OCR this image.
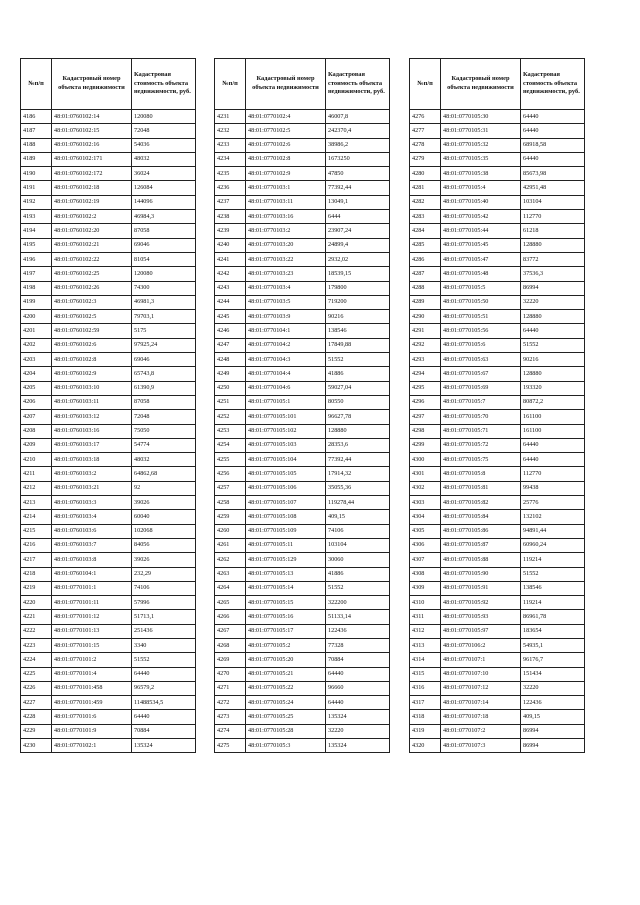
№п/п	Кадастровый номер объекта недвижимости	Кадастровая стоимость объекта недвижимости, руб.
4186	48:01:0760102:14	120080
4187	48:01:0760102:15	72048
4188	48:01:0760102:16	54036
4189	48:01:0760102:171	48032
4190	48:01:0760102:172	36024
4191	48:01:0760102:18	126084
4192	48:01:0760102:19	144096
4193	48:01:0760102:2	46984,3
4194	48:01:0760102:20	87058
4195	48:01:0760102:21	69046
4196	48:01:0760102:22	81054
4197	48:01:0760102:25	120080
4198	48:01:0760102:26	74300
4199	48:01:0760102:3	46981,3
4200	48:01:0760102:5	79703,1
4201	48:01:0760102:59	5175
4202	48:01:0760102:6	97925,24
4203	48:01:0760102:8	69046
4204	48:01:0760102:9	65743,8
4205	48:01:0760103:10	61390,9
4206	48:01:0760103:11	87058
4207	48:01:0760103:12	72048
4208	48:01:0760103:16	75050
4209	48:01:0760103:17	54774
4210	48:01:0760103:18	48032
4211	48:01:0760103:2	64862,68
4212	48:01:0760103:21	92
4213	48:01:0760103:3	39026
4214	48:01:0760103:4	60040
4215	48:01:0760103:6	102068
4216	48:01:0760103:7	84056
4217	48:01:0760103:8	39026
4218	48:01:0760104:1	232,29
4219	48:01:0770101:1	74106
4220	48:01:0770101:11	57996
4221	48:01:0770101:12	51713,1
4222	48:01:0770101:13	251436
4223	48:01:0770101:15	3340
4224	48:01:0770101:2	51552
4225	48:01:0770101:4	64440
4226	48:01:0770101:458	96579,2
4227	48:01:0770101:459	11488534,5
4228	48:01:0770101:6	64440
4229	48:01:0770101:9	70884
4230	48:01:0770102:1	135324
№п/п	Кадастровый номер объекта недвижимости	Кадастровая стоимость объекта недвижимости, руб.
4231	48:01:0770102:4	46007,8
4232	48:01:0770102:5	242370,4
4233	48:01:0770102:6	38986,2
4234	48:01:0770102:8	1673250
4235	48:01:0770102:9	47850
4236	48:01:0770103:1	77392,44
4237	48:01:0770103:11	13049,1
4238	48:01:0770103:16	6444
4239	48:01:0770103:2	23907,24
4240	48:01:0770103:20	24899,4
4241	48:01:0770103:22	2932,02
4242	48:01:0770103:23	18539,15
4243	48:01:0770103:4	179800
4244	48:01:0770103:5	719200
4245	48:01:0770103:9	90216
4246	48:01:0770104:1	138546
4247	48:01:0770104:2	17849,88
4248	48:01:0770104:3	51552
4249	48:01:0770104:4	41886
4250	48:01:0770104:6	59027,04
4251	48:01:0770105:1	80550
4252	48:01:0770105:101	96627,78
4253	48:01:0770105:102	128880
4254	48:01:0770105:103	28353,6
4255	48:01:0770105:104	77392,44
4256	48:01:0770105:105	17914,32
4257	48:01:0770105:106	35055,36
4258	48:01:0770105:107	119278,44
4259	48:01:0770105:108	409,15
4260	48:01:0770105:109	74106
4261	48:01:0770105:11	103104
4262	48:01:0770105:129	30060
4263	48:01:0770105:13	41886
4264	48:01:0770105:14	51552
4265	48:01:0770105:15	322200
4266	48:01:0770105:16	51133,14
4267	48:01:0770105:17	122436
4268	48:01:0770105:2	77328
4269	48:01:0770105:20	70884
4270	48:01:0770105:21	64440
4271	48:01:0770105:22	96660
4272	48:01:0770105:24	64440
4273	48:01:0770105:25	135324
4274	48:01:0770105:28	32220
4275	48:01:0770105:3	135324
№п/п	Кадастровый номер объекта недвижимости	Кадастровая стоимость объекта недвижимости, руб.
4276	48:01:0770105:30	64440
4277	48:01:0770105:31	64440
4278	48:01:0770105:32	68918,58
4279	48:01:0770105:35	64440
4280	48:01:0770105:38	85673,98
4281	48:01:0770105:4	42951,48
4282	48:01:0770105:40	103104
4283	48:01:0770105:42	112770
4284	48:01:0770105:44	61218
4285	48:01:0770105:45	128880
4286	48:01:0770105:47	83772
4287	48:01:0770105:48	37536,3
4288	48:01:0770105:5	86994
4289	48:01:0770105:50	32220
4290	48:01:0770105:51	128880
4291	48:01:0770105:56	64440
4292	48:01:0770105:6	51552
4293	48:01:0770105:63	90216
4294	48:01:0770105:67	128880
4295	48:01:0770105:69	193320
4296	48:01:0770105:7	80872,2
4297	48:01:0770105:70	161100
4298	48:01:0770105:71	161100
4299	48:01:0770105:72	64440
4300	48:01:0770105:75	64440
4301	48:01:0770105:8	112770
4302	48:01:0770105:81	99438
4303	48:01:0770105:82	25776
4304	48:01:0770105:84	132102
4305	48:01:0770105:86	94891,44
4306	48:01:0770105:87	60960,24
4307	48:01:0770105:88	119214
4308	48:01:0770105:90	51552
4309	48:01:0770105:91	138546
4310	48:01:0770105:92	119214
4311	48:01:0770105:93	86961,78
4312	48:01:0770105:97	183654
4313	48:01:0770106:2	54935,1
4314	48:01:0770107:1	96176,7
4315	48:01:0770107:10	151434
4316	48:01:0770107:12	32220
4317	48:01:0770107:14	122436
4318	48:01:0770107:18	409,15
4319	48:01:0770107:2	86994
4320	48:01:0770107:3	86994
